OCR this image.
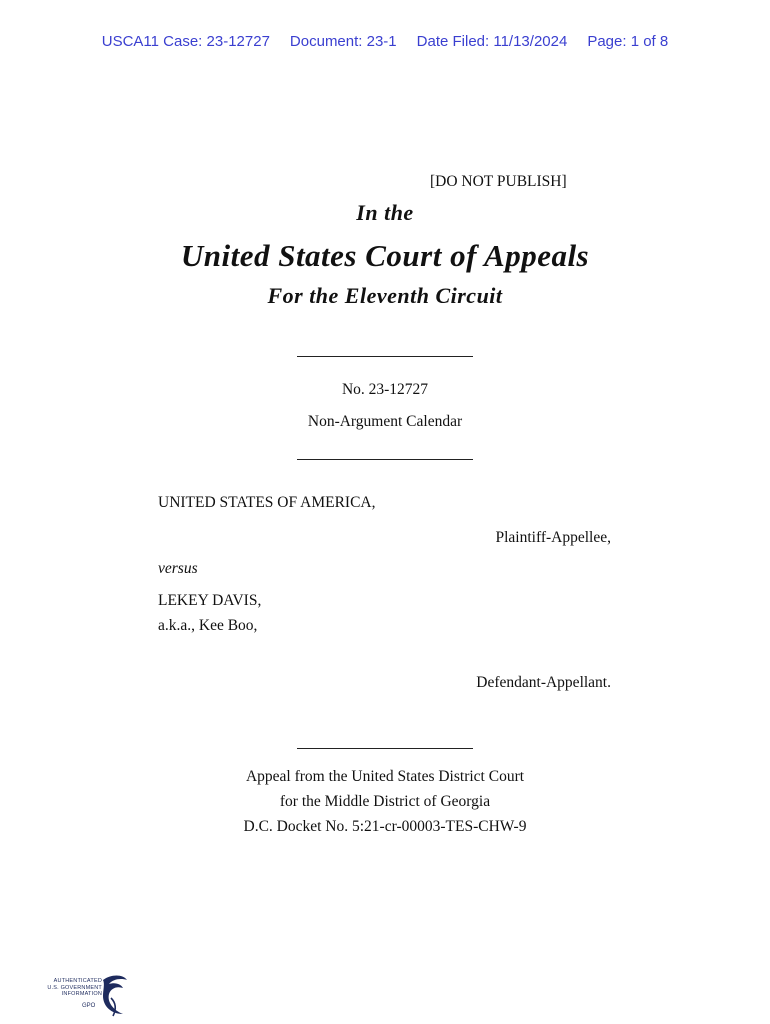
USCA11 Case: 23-12727 Document: 23-1 Date Filed: 11/13/2024 Page: 1 of 8
[DO NOT PUBLISH]
In the
United States Court of Appeals
For the Eleventh Circuit
No. 23-12727
Non-Argument Calendar
UNITED STATES OF AMERICA,
Plaintiff-Appellee,
versus
LEKEY DAVIS,
a.k.a., Kee Boo,
Defendant-Appellant.
Appeal from the United States District Court
for the Middle District of Georgia
D.C. Docket No. 5:21-cr-00003-TES-CHW-9
AUTHENTICATED
U.S. GOVERNMENT
INFORMATION
GPO
